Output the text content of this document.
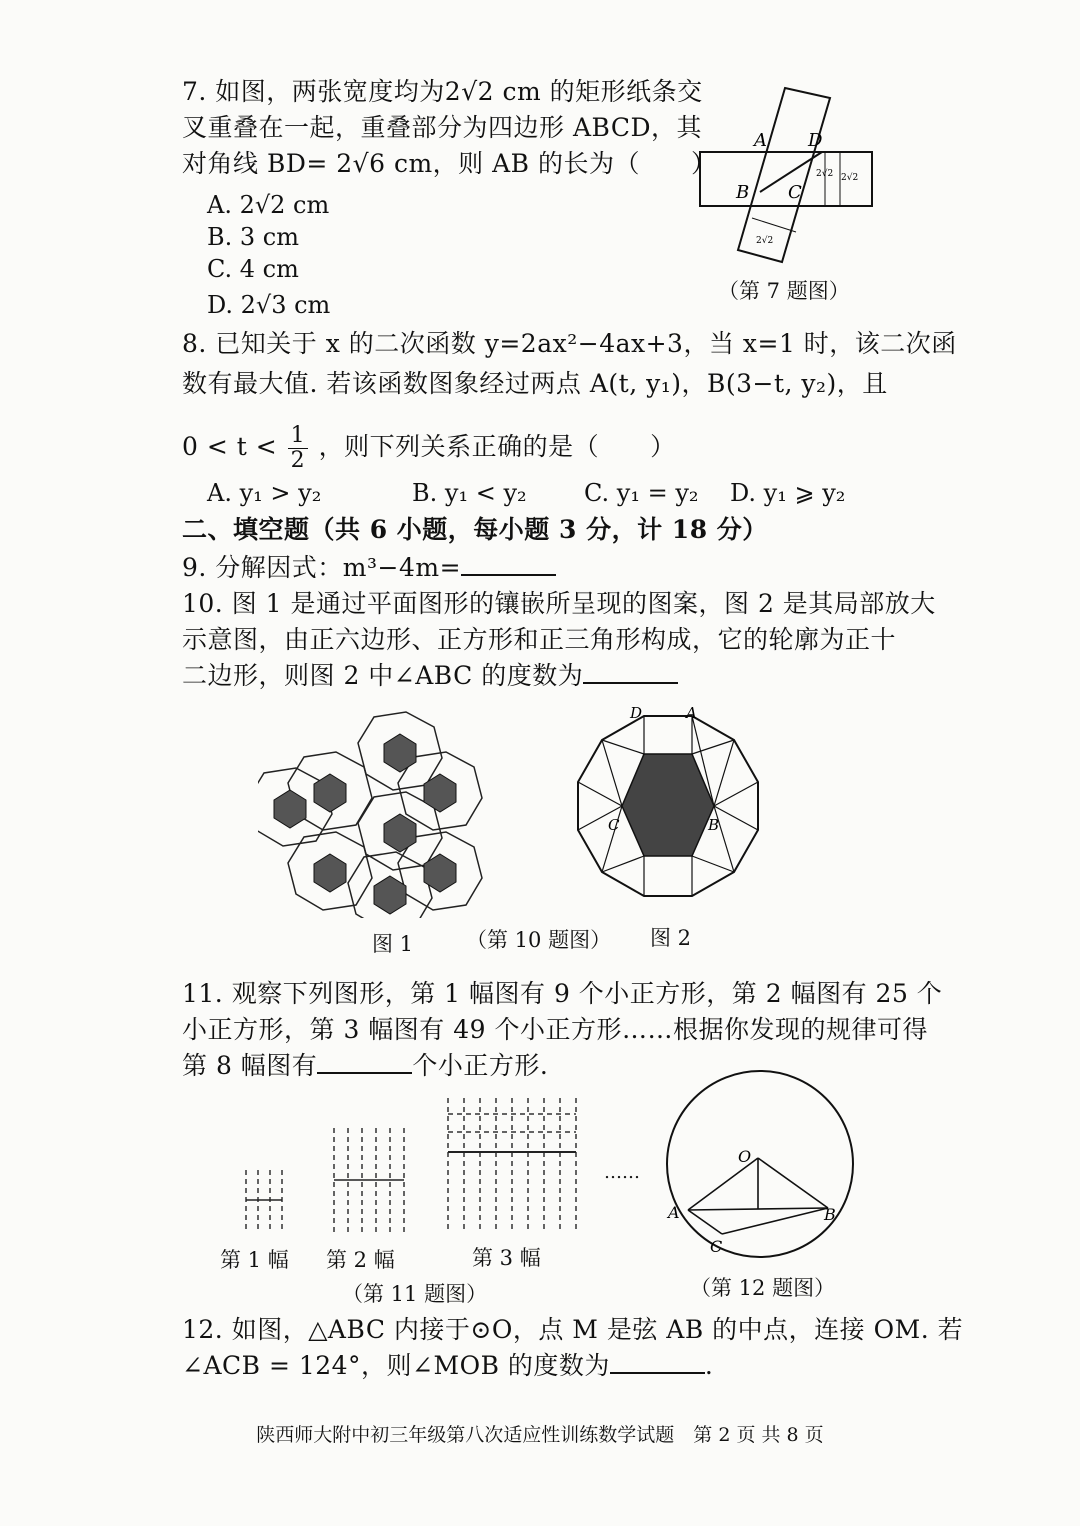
7. 如图，两张宽度均为2√2 cm 的矩形纸条交
叉重叠在一起，重叠部分为四边形 ABCD，其
对角线 BD= 2√6 cm，则 AB 的长为（　　）
A. 2√2 cm
B. 3 cm
C. 4 cm
D. 2√3 cm
A D
B C
2√2 2√2
2√2
（第 7 题图）
8. 已知关于 x 的二次函数 y=2ax²−4ax+3，当 x=1 时，该二次函
数有最大值. 若该函数图象经过两点 A(t, y₁)，B(3−t, y₂)，且
$0 < t < \frac{1}{2}$ ，则下列关系正确的是（　　）
A. y₁ > y₂	B. y₁ < y₂ C. y₁ = y₂ D. y₁ ⩾ y₂
二、填空题（共 6 小题，每小题 3 分，计 18 分）
9. 分解因式：m³−4m=
10. 图 1 是通过平面图形的镶嵌所呈现的图案，图 2 是其局部放大
示意图，由正六边形、正方形和正三角形构成，它的轮廓为正十
二边形，则图 2 中∠ABC 的度数为
D	A
C	B
图 1	（第 10 题图） 图 2
11. 观察下列图形，第 1 幅图有 9 个小正方形，第 2 幅图有 25 个
小正方形，第 3 幅图有 49 个小正方形……根据你发现的规律可得
第 8 幅图有	个小正方形.
……
第 1 幅 第 2 幅	第 3 幅
（第 11 题图）
O
A	B
C
（第 12 题图）
12. 如图，△ABC 内接于⊙O，点 M 是弦 AB 的中点，连接 OM. 若
∠ACB = 124°，则∠MOB 的度数为	.
陕西师大附中初三年级第八次适应性训练数学试题　第 2 页 共 8 页
